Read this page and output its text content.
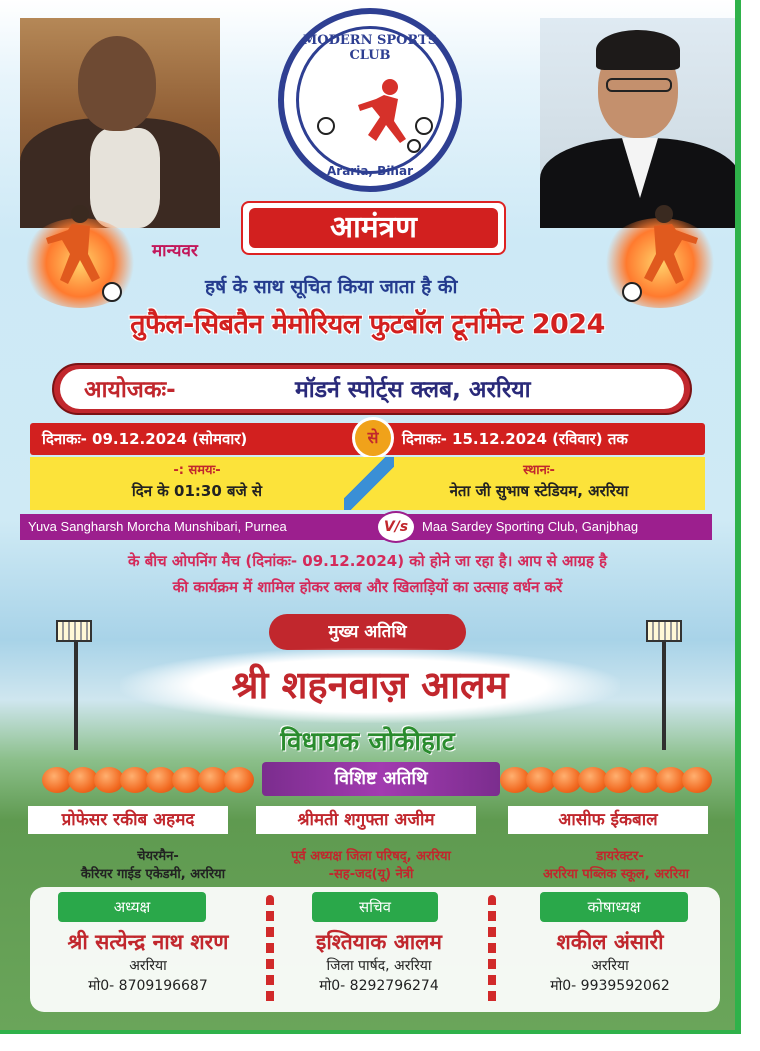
MODERN SPORTS CLUB
Araria, Bihar
आमंत्रण
मान्यवर
हर्ष के साथ सूचित किया जाता है की
तुफैल-सिबतैन मेमोरियल फुटबॉल टूर्नामेन्ट 2024
आयोजकः-	मॉडर्न स्पोर्ट्स क्लब, अररिया
दिनाकः- 09.12.2024 (सोमवार)	से	दिनाकः- 15.12.2024 (रविवार) तक
-: समयः-
दिन के 01:30 बजे से
स्थानः-
नेता जी सुभाष स्टेडियम, अररिया
Yuva Sangharsh Morcha Munshibari, Purnea	V/s	Maa Sardey Sporting Club, Ganjbhag
के बीच ओपनिंग मैच (दिनांकः- 09.12.2024) को होने जा रहा है। आप से आग्रह है
की कार्यक्रम में शामिल होकर क्लब और खिलाड़ियों का उत्साह वर्धन करें
मुख्य अतिथि
श्री शहनवाज़ आलम
विधायक जोकीहाट
विशिष्ट अतिथि
प्रोफेसर रकीब अहमद	श्रीमती शगुफ्ता अजीम	आसीफ ईकबाल
चेयरमैन-
कैरियर गाईड एकेडमी, अररिया
पूर्व अध्यक्ष जिला परिषद्, अररिया
-सह-जद(यू) नेत्री
डायरेक्टर-
अररिया पब्लिक स्कूल, अररिया
अध्यक्ष
श्री सत्येन्द्र नाथ शरण
अररिया
मो0- 8709196687
सचिव
इश्तियाक आलम
जिला पार्षद, अररिया
मो0- 8292796274
कोषाध्यक्ष
शकील अंसारी
अररिया
मो0- 9939592062
